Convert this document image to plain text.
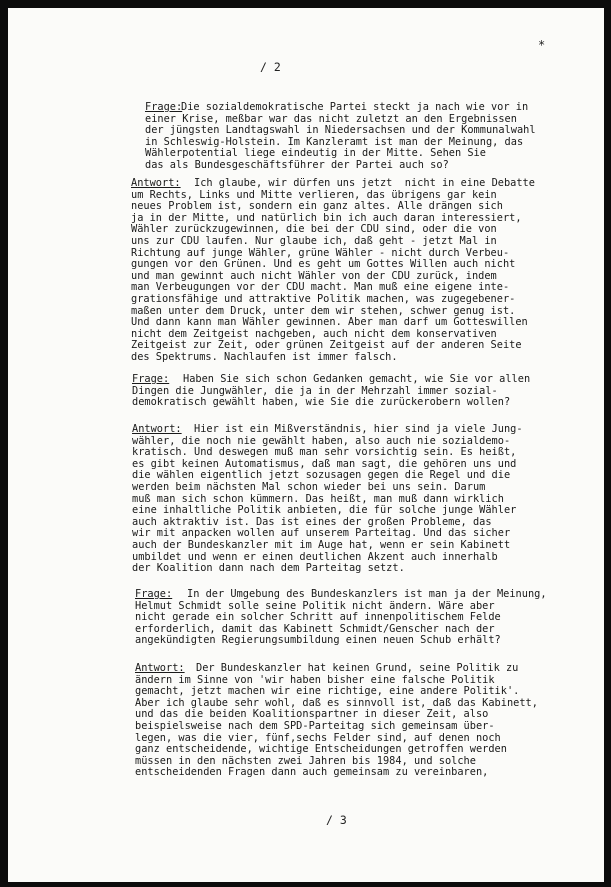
*
/ 2
Frage:
Die sozialdemokratische Partei steckt ja nach wie vor in
einer Krise, meßbar war das nicht zuletzt an den Ergebnissen
der jüngsten Landtagswahl in Niedersachsen und der Kommunalwahl
in Schleswig-Holstein. Im Kanzleramt ist man der Meinung, das
Wählerpotential liege eindeutig in der Mitte. Sehen Sie
das als Bundesgeschäftsführer der Partei auch so?
Antwort: Ich glaube, wir dürfen uns jetzt  nicht in eine Debatte
um Rechts, Links und Mitte verlieren, das übrigens gar kein
neues Problem ist, sondern ein ganz altes. Alle drängen sich
ja in der Mitte, und natürlich bin ich auch daran interessiert,
Wähler zurückzugewinnen, die bei der CDU sind, oder die von
uns zur CDU laufen. Nur glaube ich, daß geht - jetzt Mal in
Richtung auf junge Wähler, grüne Wähler - nicht durch Verbeu-
gungen vor den Grünen. Und es geht um Gottes Willen auch nicht
und man gewinnt auch nicht Wähler von der CDU zurück, indem
man Verbeugungen vor der CDU macht. Man muß eine eigene inte-
grationsfähige und attraktive Politik machen, was zugegebener-
maßen unter dem Druck, unter dem wir stehen, schwer genug ist.
Und dann kann man Wähler gewinnen. Aber man darf um Gotteswillen
nicht dem Zeitgeist nachgeben, auch nicht dem konservativen
Zeitgeist zur Zeit, oder grünen Zeitgeist auf der anderen Seite
des Spektrums. Nachlaufen ist immer falsch.
Frage: Haben Sie sich schon Gedanken gemacht, wie Sie vor allen
Dingen die Jungwähler, die ja in der Mehrzahl immer sozial-
demokratisch gewählt haben, wie Sie die zurückerobern wollen?
Antwort: Hier ist ein Mißverständnis, hier sind ja viele Jung-
wähler, die noch nie gewählt haben, also auch nie sozialdemo-
kratisch. Und deswegen muß man sehr vorsichtig sein. Es heißt,
es gibt keinen Automatismus, daß man sagt, die gehören uns und
die wählen eigentlich jetzt sozusagen gegen die Regel und die
werden beim nächsten Mal schon wieder bei uns sein. Darum
muß man sich schon kümmern. Das heißt, man muß dann wirklich
eine inhaltliche Politik anbieten, die für solche junge Wähler
auch aktraktiv ist. Das ist eines der großen Probleme, das
wir mit anpacken wollen auf unserem Parteitag. Und das sicher
auch der Bundeskanzler mit im Auge hat, wenn er sein Kabinett
umbildet und wenn er einen deutlichen Akzent auch innerhalb
der Koalition dann nach dem Parteitag setzt.
Frage: In der Umgebung des Bundeskanzlers ist man ja der Meinung,
Helmut Schmidt solle seine Politik nicht ändern. Wäre aber
nicht gerade ein solcher Schritt auf innenpolitischem Felde
erforderlich, damit das Kabinett Schmidt/Genscher nach der
angekündigten Regierungsumbildung einen neuen Schub erhält?
Antwort: Der Bundeskanzler hat keinen Grund, seine Politik zu
ändern im Sinne von 'wir haben bisher eine falsche Politik
gemacht, jetzt machen wir eine richtige, eine andere Politik'.
Aber ich glaube sehr wohl, daß es sinnvoll ist, daß das Kabinett,
und das die beiden Koalitionspartner in dieser Zeit, also
beispielsweise nach dem SPD-Parteitag sich gemeinsam über-
legen, was die vier, fünf,sechs Felder sind, auf denen noch
ganz entscheidende, wichtige Entscheidungen getroffen werden
müssen in den nächsten zwei Jahren bis 1984, und solche
entscheidenden Fragen dann auch gemeinsam zu vereinbaren,
/ 3
